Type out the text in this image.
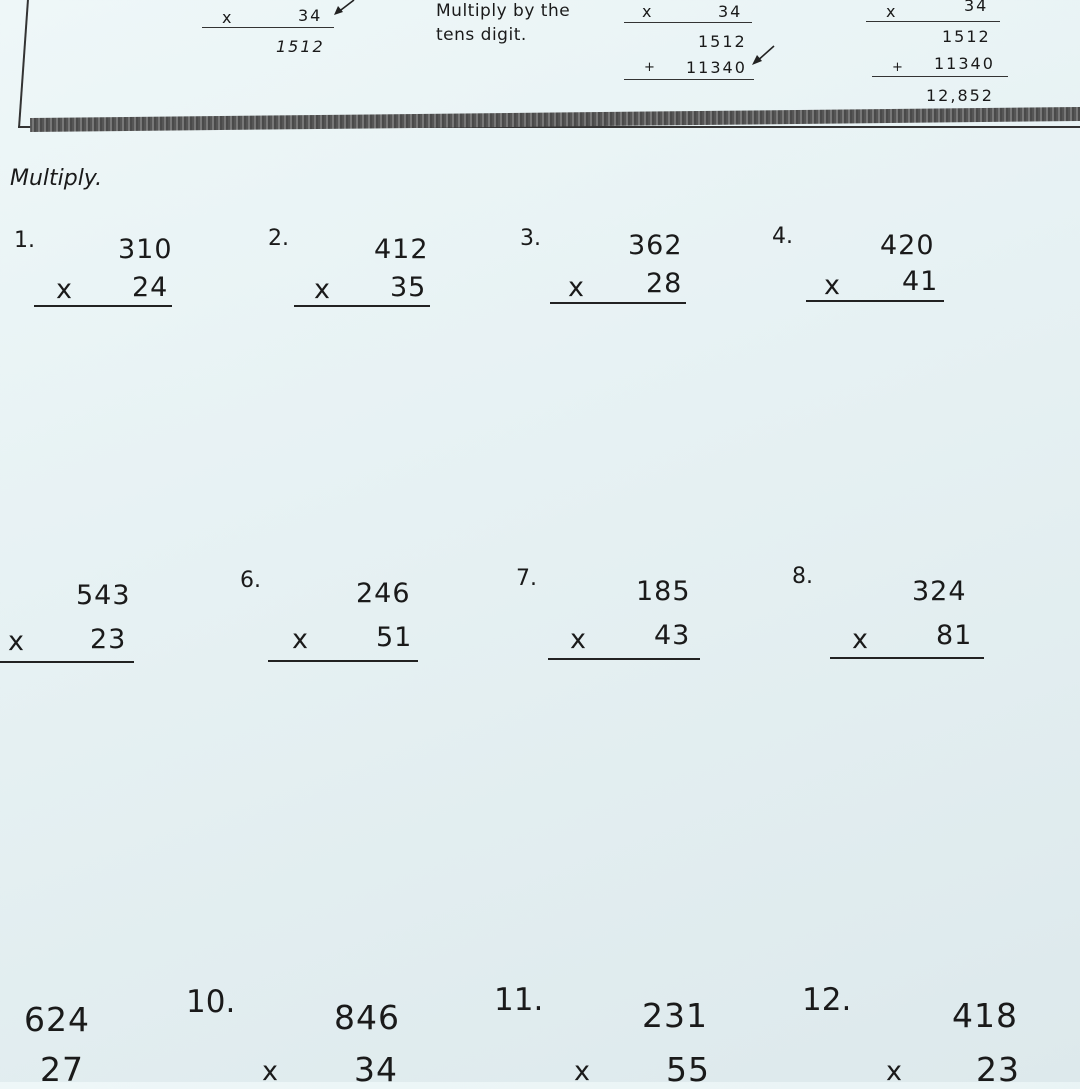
x	34
1512
Multiply by the
tens digit.
x	34
1512
+ 11340
x	34
1512
+ 11340
12,852
Multiply.
1.	310
x 24
2.	412
x 35
3.	362
x 28
4.	420
x 41
543
x 23
6.	246
x 51
7.	185
x 43
8.	324
x 81
624
27
10.	846
x 34
11.	231
x 55
12.	418
x 23
